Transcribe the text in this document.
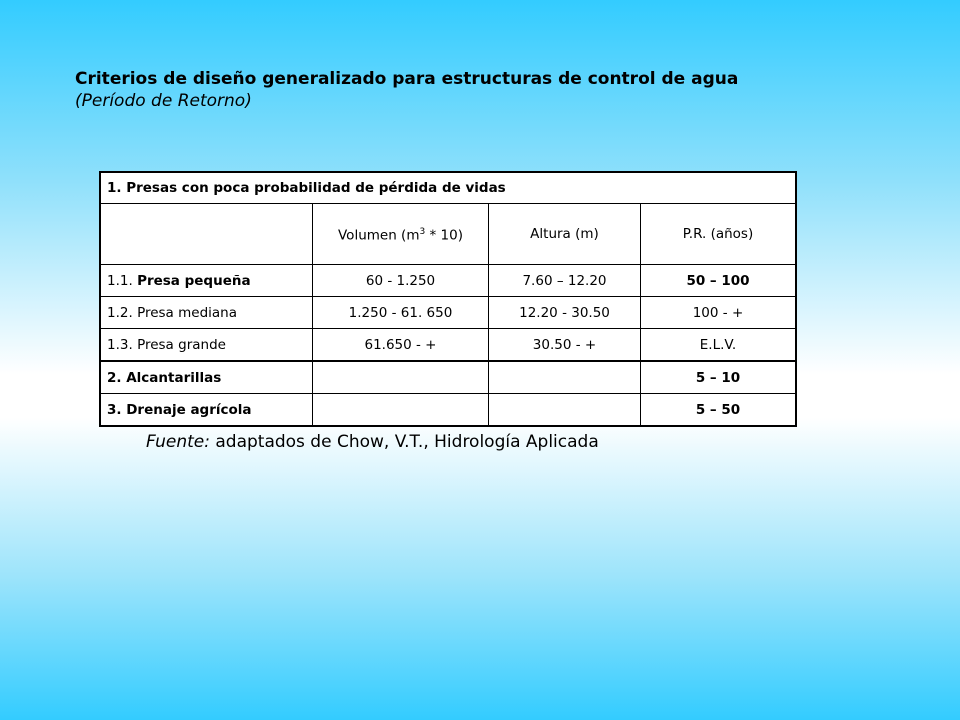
Criterios de diseño generalizado para estructuras de control de agua
(Período de Retorno)
1. Presas con poca probabilidad de pérdida de vidas			
	Volumen $(m^3 * 10)$	Altura (m)	P.R. (años)
1.1. Presa pequeña	60 - 1.250	7.60 – 12.20	50 – 100
1.2. Presa mediana	1.250 - 61. 650	12.20 - 30.50	100 - +
1.3. Presa grande	61.650 - +	30.50 - +	E.L.V.
2. Alcantarillas			5 – 10
3. Drenaje agrícola			5 – 50
Fuente: adaptados de Chow, V.T., Hidrología Aplicada
